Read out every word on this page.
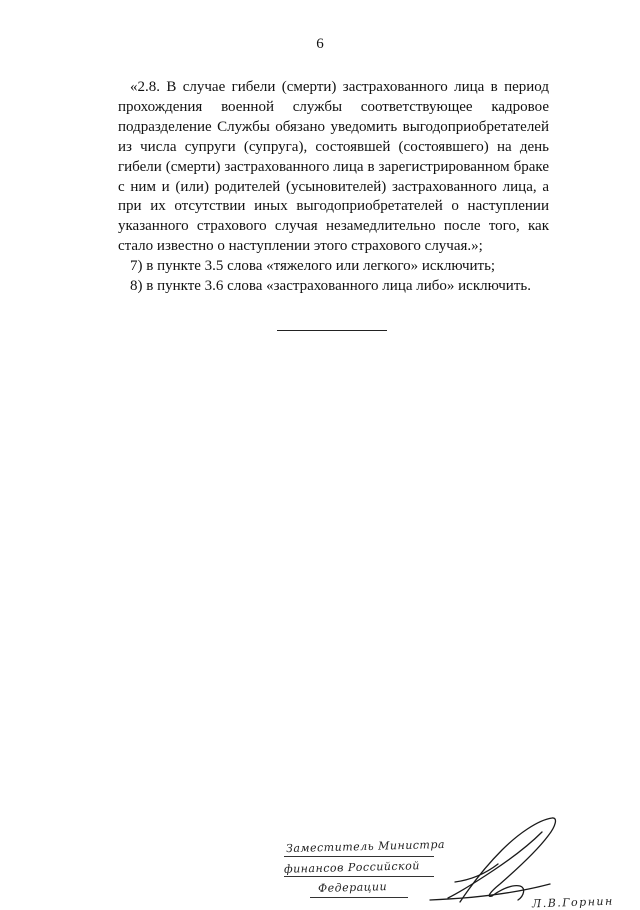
6

«2.8. В случае гибели (смерти) застрахованного лица в период прохождения военной службы соответствующее кадровое подразделение Службы обязано уведомить выгодоприобретателей из числа супруги (супруга), состоявшей (состоявшего) на день гибели (смерти) застрахованного лица в зарегистрированном браке с ним и (или) родителей (усыновителей) застрахованного лица, а при их отсутствии иных выгодоприобретателей о наступлении указанного страхового случая незамедлительно после того, как стало известно о наступлении этого страхового случая.»;

7) в пункте 3.5 слова «тяжелого или легкого» исключить;

8) в пункте 3.6 слова «застрахованного лица либо» исключить.

Заместитель Министра
финансов Российской
Федерации
Л.В.Горнин
